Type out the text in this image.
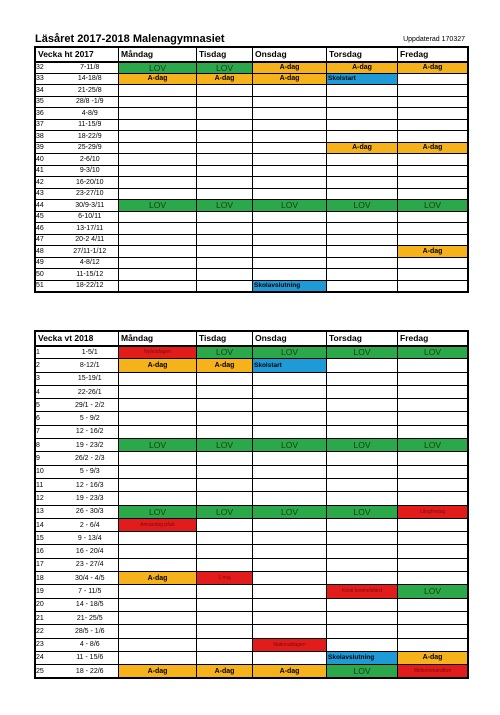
Läsåret 2017-2018 Malenagymnasiet	Uppdaterad 170327
Vecka ht 2017		Måndag	Tisdag	Onsdag	Torsdag	Fredag
32	7-11/8	LOV	LOV	A-dag	A-dag	A-dag
33	14-18/8	A-dag	A-dag	A-dag	Skolstart	
34	21-25/8					
35	28/8 -1/9					
36	4-8/9					
37	11-15/9					
38	18-22/9					
39	25-29/9				A-dag	A-dag
40	2-6/10					
41	9-3/10					
42	16-20/10					
43	23-27/10					
44	30/9-3/11	LOV	LOV	LOV	LOV	LOV
45	6-10/11					
46	13-17/11					
47	20-2 4/11					
48	27/11-1/12					A-dag
49	4-8/12					
50	11-15/12					
51	18-22/12			Skolavslutning		
Vecka vt 2018		Måndag	Tisdag	Onsdag	Torsdag	Fredag
1	1-5/1	Nyårsdagen	LOV	LOV	LOV	LOV
2	8-12/1	A-dag	A-dag	Skolstart		
3	15-19/1					
4	22-26/1					
5	29/1 - 2/2					
6	5 - 9/2					
7	12 - 16/2					
8	19 - 23/2	LOV	LOV	LOV	LOV	LOV
9	26/2 - 2/3					
10	5 - 9/3					
11	12 - 16/3					
12	19 - 23/3					
13	26 - 30/3	LOV	LOV	LOV	LOV	Långfredag
14	2 - 6/4	Annandag påsk				
15	9 - 13/4					
16	16 - 20/4					
17	23 - 27/4					
18	30/4 - 4/5	A-dag	1 maj			
19	7 - 11/5				Kristi himmelsfärd	LOV
20	14 - 18/5					
21	21- 25/5					
22	28/5 - 1/6					
23	4 - 8/6			Nationaldagen		
24	11 - 15/6				Skolavslutning	A-dag
25	18 - 22/6	A-dag	A-dag	A-dag	LOV	Midsommarafton
